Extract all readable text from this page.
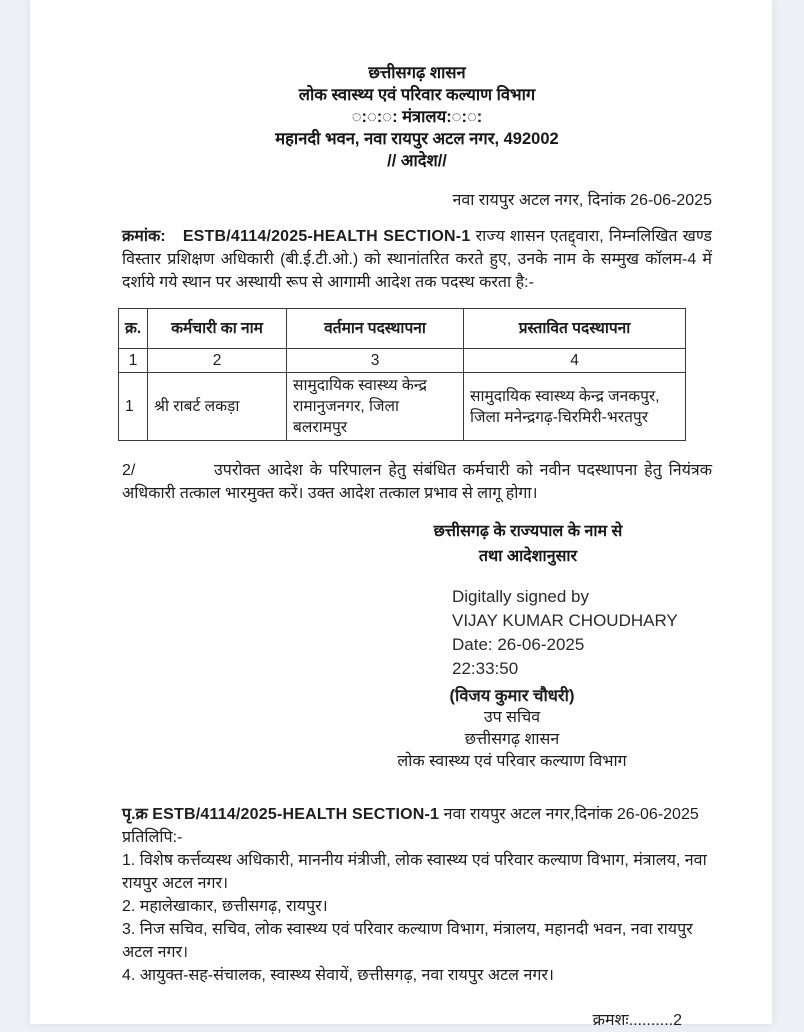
छत्तीसगढ़ शासन
लोक स्वास्थ्य एवं परिवार कल्याण विभाग
◌:◌:◌: मंत्रालय:◌:◌:
महानदी भवन, नवा रायपुर अटल नगर, 492002
// आदेश//
नवा रायपुर अटल नगर, दिनांक 26-06-2025

क्रमांक: ESTB/4114/2025-HEALTH SECTION-1 राज्य शासन एतद्द्वारा, निम्नलिखित खण्ड विस्तार प्रशिक्षण अधिकारी (बी.ई.टी.ओ.) को स्थानांतरित करते हुए, उनके नाम के सम्मुख कॉलम-4 में दर्शाये गये स्थान पर अस्थायी रूप से आगामी आदेश तक पदस्थ करता है:-

क्र.	कर्मचारी का नाम	वर्तमान पदस्थापना	प्रस्तावित पदस्थापना
1	2	3	4
1	श्री राबर्ट लकड़ा	सामुदायिक स्वास्थ्य केन्द्र रामानुजनगर, जिला बलरामपुर	सामुदायिक स्वास्थ्य केन्द्र जनकपुर, जिला मनेन्द्रगढ़-चिरमिरी-भरतपुर

2/	उपरोक्त आदेश के परिपालन हेतु संबंधित कर्मचारी को नवीन पदस्थापना हेतु नियंत्रक अधिकारी तत्काल भारमुक्त करें। उक्त आदेश तत्काल प्रभाव से लागू होगा।

छत्तीसगढ़ के राज्यपाल के नाम से
तथा आदेशानुसार
Digitally signed by
VIJAY KUMAR CHOUDHARY
Date: 26-06-2025
22:33:50
(विजय कुमार चौधरी)
उप सचिव
छत्तीसगढ़ शासन
लोक स्वास्थ्य एवं परिवार कल्याण विभाग
पृ.क्र ESTB/4114/2025-HEALTH SECTION-1 नवा रायपुर अटल नगर,दिनांक 26-06-2025
प्रतिलिपि:-
1. विशेष कर्त्तव्यस्थ अधिकारी, माननीय मंत्रीजी, लोक स्वास्थ्य एवं परिवार कल्याण विभाग, मंत्रालय, नवा रायपुर अटल नगर।
2. महालेखाकार, छत्तीसगढ़, रायपुर।
3. निज सचिव, सचिव, लोक स्वास्थ्य एवं परिवार कल्याण विभाग, मंत्रालय, महानदी भवन, नवा रायपुर अटल नगर।
4. आयुक्त-सह-संचालक, स्वास्थ्य सेवायें, छत्तीसगढ़, नवा रायपुर अटल नगर।
क्रमशः..........2
